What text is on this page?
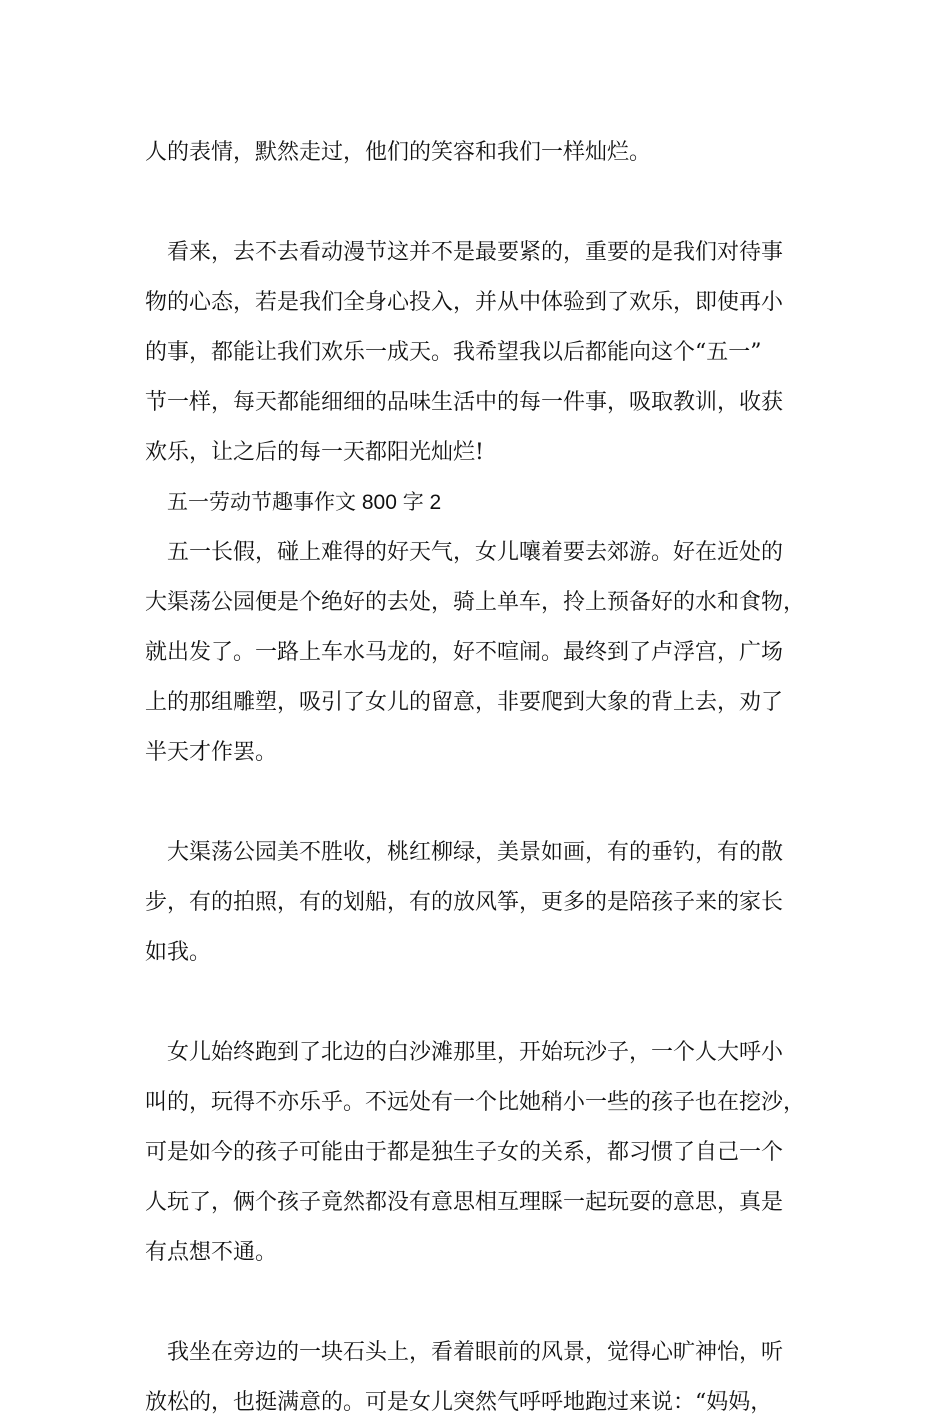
人的表情，默然走过，他们的笑容和我们一样灿烂。
看来，去不去看动漫节这并不是最要紧的，重要的是我们对待事
物的心态，若是我们全身心投入，并从中体验到了欢乐，即使再小
的事，都能让我们欢乐一成天。我希望我以后都能向这个“五一”
节一样，每天都能细细的品味生活中的每一件事，吸取教训，收获
欢乐，让之后的每一天都阳光灿烂!
五一劳动节趣事作文 800 字 2
五一长假，碰上难得的好天气，女儿嚷着要去郊游。好在近处的
大渠荡公园便是个绝好的去处，骑上单车，拎上预备好的水和食物，
就出发了。一路上车水马龙的，好不喧闹。最终到了卢浮宫，广场
上的那组雕塑，吸引了女儿的留意，非要爬到大象的背上去，劝了
半天才作罢。
大渠荡公园美不胜收，桃红柳绿，美景如画，有的垂钓，有的散
步，有的拍照，有的划船，有的放风筝，更多的是陪孩子来的家长
如我。
女儿始终跑到了北边的白沙滩那里，开始玩沙子，一个人大呼小
叫的，玩得不亦乐乎。不远处有一个比她稍小一些的孩子也在挖沙，
可是如今的孩子可能由于都是独生子女的关系，都习惯了自己一个
人玩了，俩个孩子竟然都没有意思相互理睬一起玩耍的意思，真是
有点想不通。
我坐在旁边的一块石头上，看着眼前的风景，觉得心旷神怡，听
放松的，也挺满意的。可是女儿突然气呼呼地跑过来说：“妈妈，
